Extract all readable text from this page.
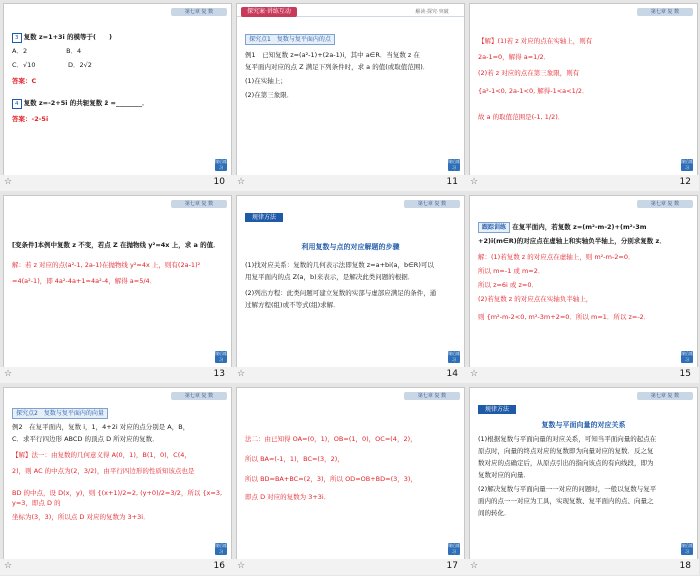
第七章 复 数
3 复数 z=1+3i 的模等于(　　)
A．2　　　　　　B．4
C．√10　　　　　D．2√2
答案：C
4 复数 z=-2+5i 的共轭复数 z̄ =________．
答案：-2-5i
课后练习
☆	10
探究案·讲练互动	解读·探究·突破
探究点1　复数与复平面内的点
例1　已知复数 z=(a²-1)+(2a-1)i，其中 a∈R．当复数 z 在
复平面内对应的点 Z 满足下列条件时，求 a 的值(或取值范围)．
(1)在实轴上；
(2)在第三象限．
课后练习
☆	11
第七章 复 数
【解】(1)若 z 对应的点在实轴上，则有
2a-1=0，解得 a=1/2．
(2)若 z 对应的点在第三象限，则有
{a²-1<0, 2a-1<0, 解得-1<a<1/2．
故 a 的取值范围是(-1, 1/2)．
课后练习
☆	12
第七章 复 数
[变条件]本例中复数 z 不变，若点 Z 在抛物线 y²=4x 上，求 a 的值．
解：若 z 对应的点(a²-1, 2a-1)在抛物线 y²=4x 上，则有(2a-1)²
=4(a²-1)，即 4a²-4a+1=4a²-4，解得 a=5/4．
课后练习
☆	13
第七章 复 数
规律方法
利用复数与点的对应解题的步骤
(1)找对应关系：复数的几何表示法即复数 z=a+bi(a，b∈R)可以
用复平面内的点 Z(a，b)来表示，是解决此类问题的根据．
(2)列出方程：此类问题可建立复数的实部与虚部应满足的条件，通
过解方程(组)或不等式(组)求解．
课后练习
☆	14
第七章 复 数
跟踪训练 在复平面内，若复数 z=(m²-m-2)+(m²-3m
+2)i(m∈R)的对应点在虚轴上和实轴负半轴上，分别求复数 z．
解：(1)若复数 z 的对应点在虚轴上，则 m²-m-2=0．
所以 m=-1 或 m=2．
所以 z=6i 或 z=0．
(2)若复数 z 的对应点在实轴负半轴上，
则 {m²-m-2<0, m²-3m+2=0．所以 m=1．所以 z=-2．
课后练习
☆	15
第七章 复 数
探究点2　复数与复平面内的向量
例2　在复平面内，复数 i，1，4+2i 对应的点分别是 A，B，
C．求平行四边形 ABCD 的顶点 D 所对应的复数．
【解】法一：由复数的几何意义得 A(0，1)，B(1，0)，C(4，
2)，则 AC 的中点为(2，3/2)，由平行四边形的性质知该点也是
BD 的中点，设 D(x，y)，则 {(x+1)/2=2, (y+0)/2=3/2，所以 {x=3, y=3，即点 D 的
坐标为(3，3)，所以点 D 对应的复数为 3+3i．
课后练习
☆	16
第七章 复 数
法二：由已知得 OA=(0，1)，OB=(1，0)，OC=(4，2)，
所以 BA=(-1，1)，BC=(3，2)，
所以 BD=BA+BC=(2，3)，所以 OD=OB+BD=(3，3)，
即点 D 对应的复数为 3+3i．
课后练习
☆	17
第七章 复 数
规律方法
复数与平面向量的对应关系
(1)根据复数与平面向量的对应关系，可知当平面向量的起点在
原点时，向量的终点对应的复数即为向量对应的复数．反之复
数对应的点确定后，从原点引出的指向该点的有向线段，即为
复数对应的向量．
(2)解决复数与平面向量一一对应的问题时，一般以复数与复平
面内的点一一对应为工具，实现复数、复平面内的点、向量之
间的转化．
课后练习
☆	18
